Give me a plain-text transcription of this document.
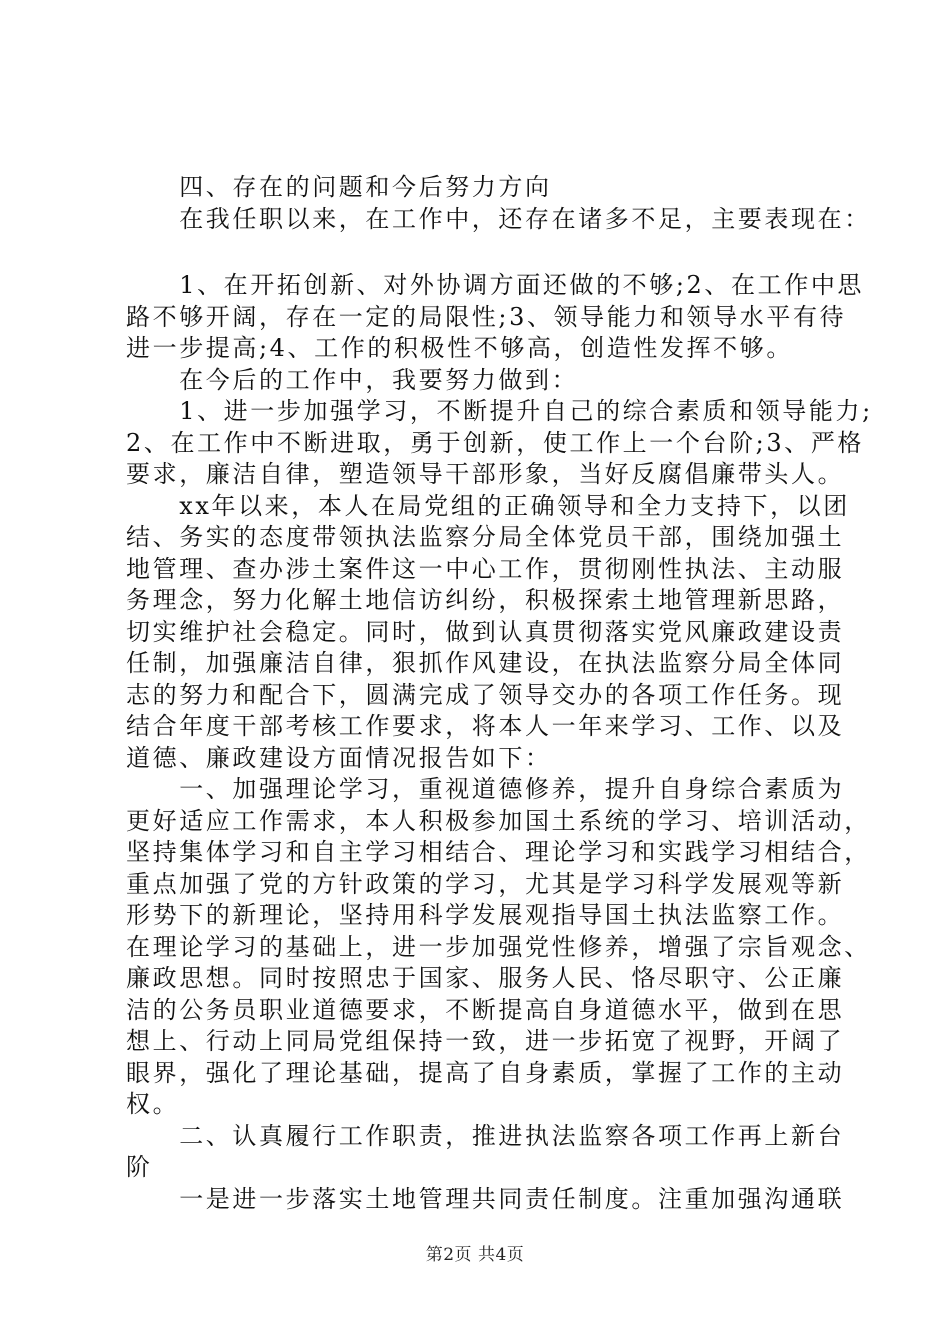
　　四、存在的问题和今后努力方向
　　在我任职以来，在工作中，还存在诸多不足，主要表现在：
　　1、在开拓创新、对外协调方面还做的不够;2、在工作中思
路不够开阔，存在一定的局限性;3、领导能力和领导水平有待
进一步提高;4、工作的积极性不够高，创造性发挥不够。
　　在今后的工作中，我要努力做到：
　　1、进一步加强学习，不断提升自己的综合素质和领导能力;
2、在工作中不断进取，勇于创新，使工作上一个台阶;3、严格
要求，廉洁自律，塑造领导干部形象，当好反腐倡廉带头人。
　　xx年以来，本人在局党组的正确领导和全力支持下，以团
结、务实的态度带领执法监察分局全体党员干部，围绕加强土
地管理、查办涉土案件这一中心工作，贯彻刚性执法、主动服
务理念，努力化解土地信访纠纷，积极探索土地管理新思路，
切实维护社会稳定。同时，做到认真贯彻落实党风廉政建设责
任制，加强廉洁自律，狠抓作风建设，在执法监察分局全体同
志的努力和配合下，圆满完成了领导交办的各项工作任务。现
结合年度干部考核工作要求，将本人一年来学习、工作、以及
道德、廉政建设方面情况报告如下：
　　一、加强理论学习，重视道德修养，提升自身综合素质为
更好适应工作需求，本人积极参加国土系统的学习、培训活动，
坚持集体学习和自主学习相结合、理论学习和实践学习相结合，
重点加强了党的方针政策的学习，尤其是学习科学发展观等新
形势下的新理论，坚持用科学发展观指导国土执法监察工作。
在理论学习的基础上，进一步加强党性修养，增强了宗旨观念、
廉政思想。同时按照忠于国家、服务人民、恪尽职守、公正廉
洁的公务员职业道德要求，不断提高自身道德水平，做到在思
想上、行动上同局党组保持一致，进一步拓宽了视野，开阔了
眼界，强化了理论基础，提高了自身素质，掌握了工作的主动
权。
　　二、认真履行工作职责，推进执法监察各项工作再上新台
阶
　　一是进一步落实土地管理共同责任制度。注重加强沟通联
第2页 共4页
